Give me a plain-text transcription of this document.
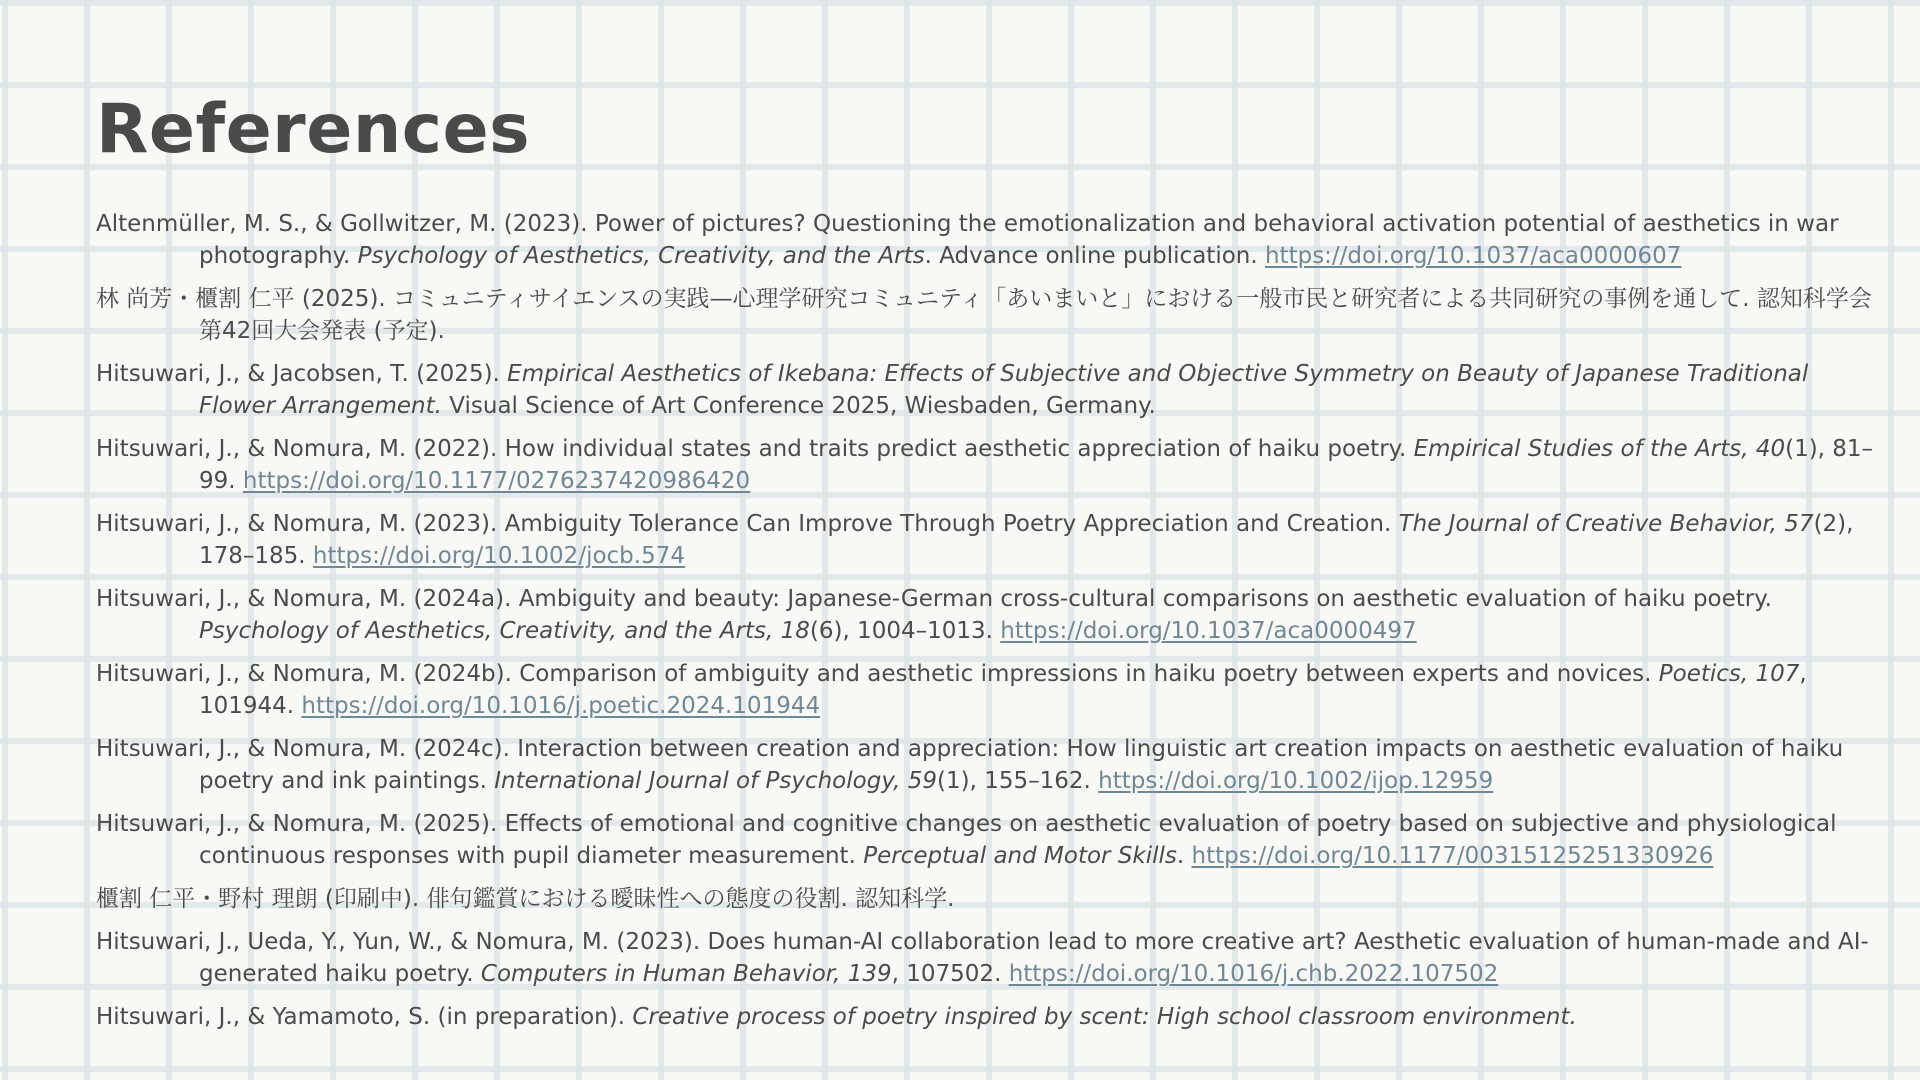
References
Altenmüller, M. S., & Gollwitzer, M. (2023). Power of pictures? Questioning the emotionalization and behavioral activation potential of aesthetics in war photography. Psychology of Aesthetics, Creativity, and the Arts. Advance online publication. https://doi.org/10.1037/aca0000607
林 尚芳・櫃割 仁平 (2025). コミュニティサイエンスの実践—心理学研究コミュニティ「あいまいと」における一般市民と研究者による共同研究の事例を通して. 認知科学会第42回大会発表 (予定).
Hitsuwari, J., & Jacobsen, T. (2025). Empirical Aesthetics of Ikebana: Effects of Subjective and Objective Symmetry on Beauty of Japanese Traditional Flower Arrangement. Visual Science of Art Conference 2025, Wiesbaden, Germany.
Hitsuwari, J., & Nomura, M. (2022). How individual states and traits predict aesthetic appreciation of haiku poetry. Empirical Studies of the Arts, 40(1), 81–99. https://doi.org/10.1177/0276237420986420
Hitsuwari, J., & Nomura, M. (2023). Ambiguity Tolerance Can Improve Through Poetry Appreciation and Creation. The Journal of Creative Behavior, 57(2), 178–185. https://doi.org/10.1002/jocb.574
Hitsuwari, J., & Nomura, M. (2024a). Ambiguity and beauty: Japanese-German cross-cultural comparisons on aesthetic evaluation of haiku poetry. Psychology of Aesthetics, Creativity, and the Arts, 18(6), 1004–1013. https://doi.org/10.1037/aca0000497
Hitsuwari, J., & Nomura, M. (2024b). Comparison of ambiguity and aesthetic impressions in haiku poetry between experts and novices. Poetics, 107, 101944. https://doi.org/10.1016/j.poetic.2024.101944
Hitsuwari, J., & Nomura, M. (2024c). Interaction between creation and appreciation: How linguistic art creation impacts on aesthetic evaluation of haiku poetry and ink paintings. International Journal of Psychology, 59(1), 155–162. https://doi.org/10.1002/ijop.12959
Hitsuwari, J., & Nomura, M. (2025). Effects of emotional and cognitive changes on aesthetic evaluation of poetry based on subjective and physiological continuous responses with pupil diameter measurement. Perceptual and Motor Skills. https://doi.org/10.1177/00315125251330926
櫃割 仁平・野村 理朗 (印刷中). 俳句鑑賞における曖昧性への態度の役割. 認知科学.
Hitsuwari, J., Ueda, Y., Yun, W., & Nomura, M. (2023). Does human-AI collaboration lead to more creative art? Aesthetic evaluation of human-made and AI-generated haiku poetry. Computers in Human Behavior, 139, 107502. https://doi.org/10.1016/j.chb.2022.107502
Hitsuwari, J., & Yamamoto, S. (in preparation). Creative process of poetry inspired by scent: High school classroom environment.
